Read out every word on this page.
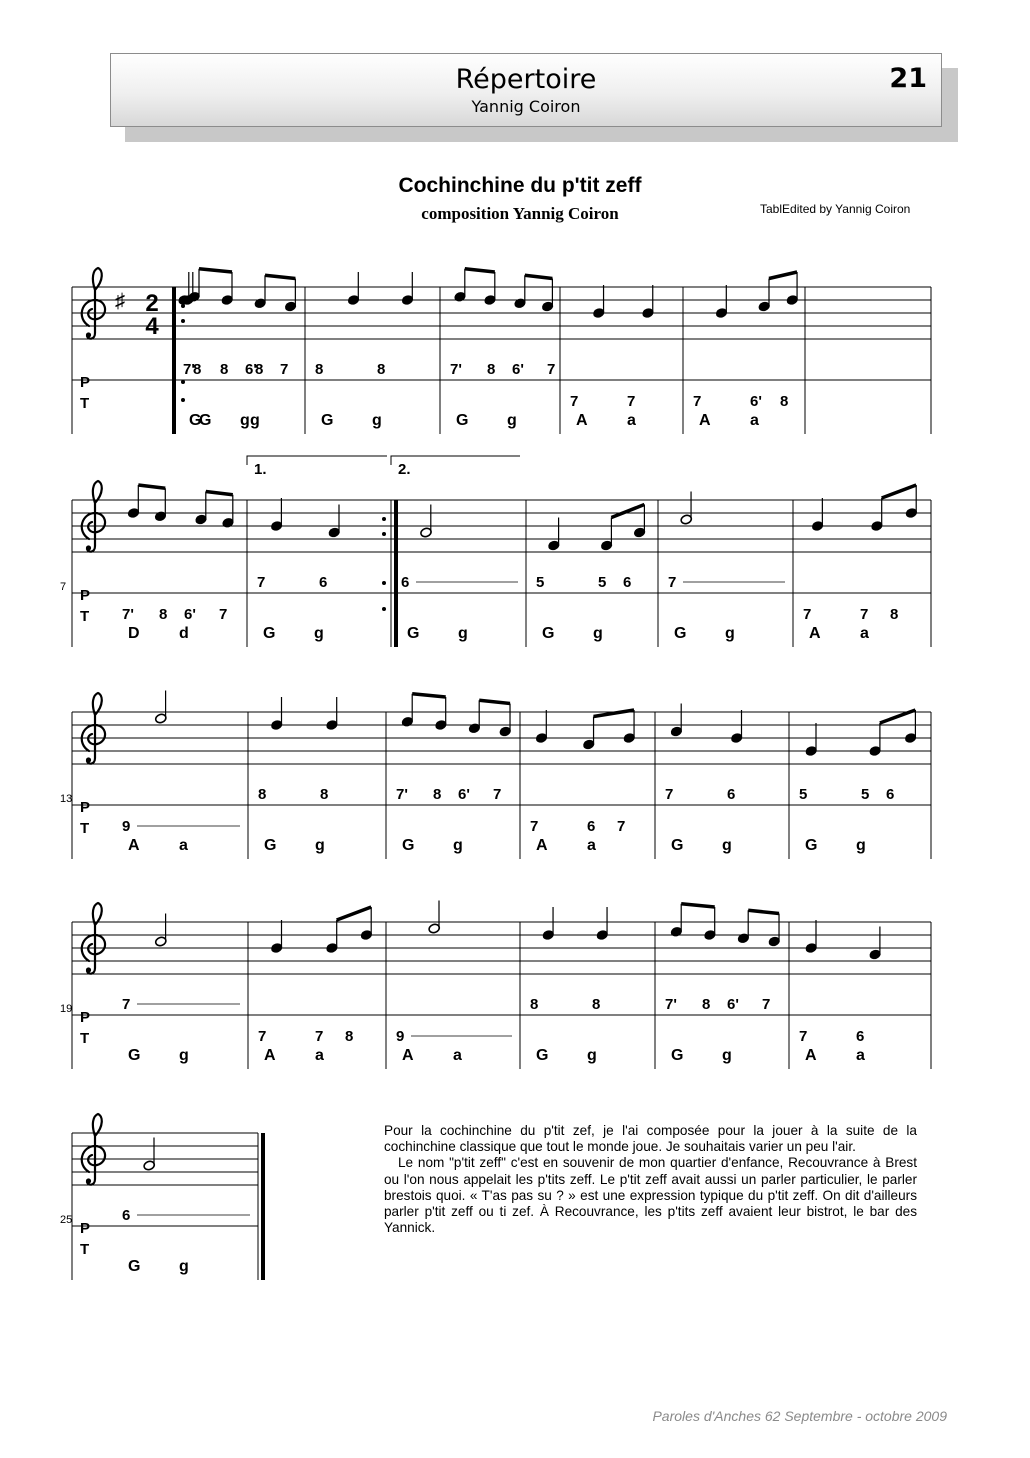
Répertoire
Yannig Coiron
21
Cochinchine du p'tit zeff
composition Yannig Coiron	TablEdited by Yannig Coiron
♯ 2
4
P
T
8	8
G g
7' 8 6' 7
G g
8	8
G g
7' 8 6' 7
G g
7	7
A a
7	6' 8
A a
7 P
T
1.	2.
7' 8 6' 7
D d
7	6
G g
6
G g
5	5 6
G g
7
G g
7	7 8
A a
13 P
T 9
A a
8	8
G g
7' 8 6' 7
G g
7	6 7
A a
7	6
G g
5	5 6
G g
19 P
T
7
G g
7	7 8
A a
9
A a
8	8
G g
7' 8 6' 7
G g
7	6
A a
25 P
T
6
G g

Pour la cochinchine du p'tit zef, je l'ai composée pour la jouer à la suite de la cochinchine classique que tout le monde joue. Je souhaitais varier un peu l'air.

Le nom "p'tit zeff" c'est en souvenir de mon quartier d'enfance, Recouvrance à Brest ou l'on nous appelait les p'tits zeff. Le p'tit zeff avait aussi un parler particulier, le parler brestois quoi. « T'as pas su ? » est une expression typique du p'tit zeff. On dit d'ailleurs parler p'tit zeff ou ti zef. À Recouvrance, les p'tits zeff avaient leur bistrot, le bar des Yannick.

Paroles d'Anches 62 Septembre - octobre 2009
